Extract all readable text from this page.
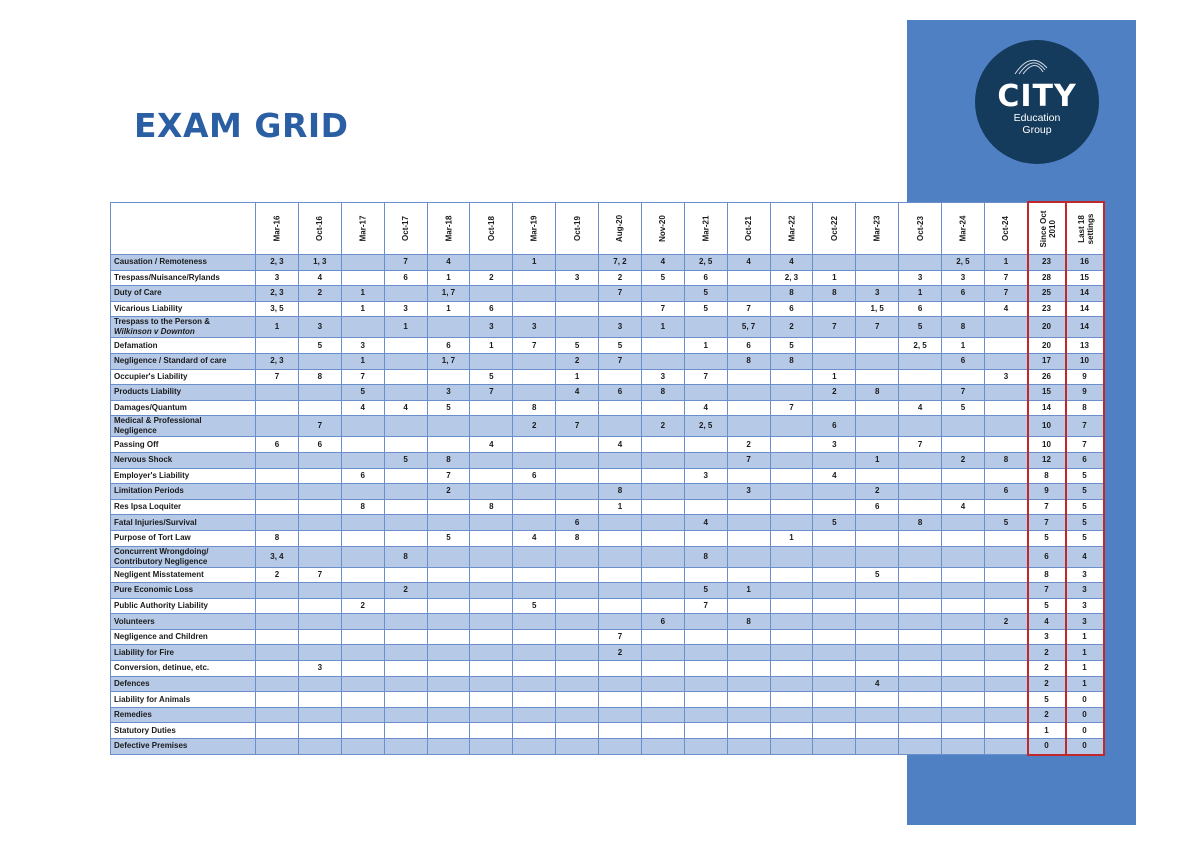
CITY
Education
Group
EXAM GRID
	Mar-16	Oct-16	Mar-17	Oct-17	Mar-18	Oct-18	Mar-19	Oct-19	Aug-20	Nov-20	Mar-21	Oct-21	Mar-22	Oct-22	Mar-23	Oct-23	Mar-24	Oct-24	Since Oct 2010	Last 18 settings

Causation / Remoteness	2, 3	1, 3		7	4		1		7, 2	4	2, 5	4	4				2, 5	1	23	16

Trespass/Nuisance/Rylands	3	4		6	1	2		3	2	5	6		2, 3	1		3	3	7	28	15

Duty of Care	2, 3	2	1		1, 7				7		5		8	8	3	1	6	7	25	14

Vicarious Liability	3, 5		1	3	1	6				7	5	7	6		1, 5	6		4	23	14

Trespass to the Person &
Wilkinson v Downton	1	3		1		3	3		3	1		5, 7	2	7	7	5	8		20	14

Defamation		5	3		6	1	7	5	5		1	6	5			2, 5	1		20	13

Negligence / Standard of care	2, 3		1		1, 7			2	7			8	8				6		17	10

Occupier's Liability	7	8	7			5		1		3	7			1				3	26	9

Products Liability			5		3	7		4	6	8				2	8		7		15	9

Damages/Quantum			4	4	5		8				4		7			4	5		14	8

Medical & Professional
Negligence		7					2	7		2	2, 5			6					10	7

Passing Off	6	6				4			4			2		3		7			10	7

Nervous Shock				5	8							7			1		2	8	12	6

Employer's Liability			6		7		6				3			4					8	5

Limitation Periods					2				8			3			2			6	9	5

Res Ipsa Loquiter			8			8			1						6		4		7	5

Fatal Injuries/Survival								6			4			5		8		5	7	5

Purpose of Tort Law	8				5		4	8					1						5	5

Concurrent Wrongdoing/
Contributory Negligence	3, 4			8							8								6	4

Negligent Misstatement	2	7													5				8	3

Pure Economic Loss				2							5	1							7	3

Public Authority Liability			2				5				7								5	3

Volunteers										6		8						2	4	3

Negligence and Children									7										3	1

Liability for Fire									2										2	1

Conversion, detinue, etc.		3																	2	1

Defences															4				2	1

Liability for Animals																			5	0

Remedies																			2	0

Statutory Duties																			1	0

Defective Premises																			0	0
